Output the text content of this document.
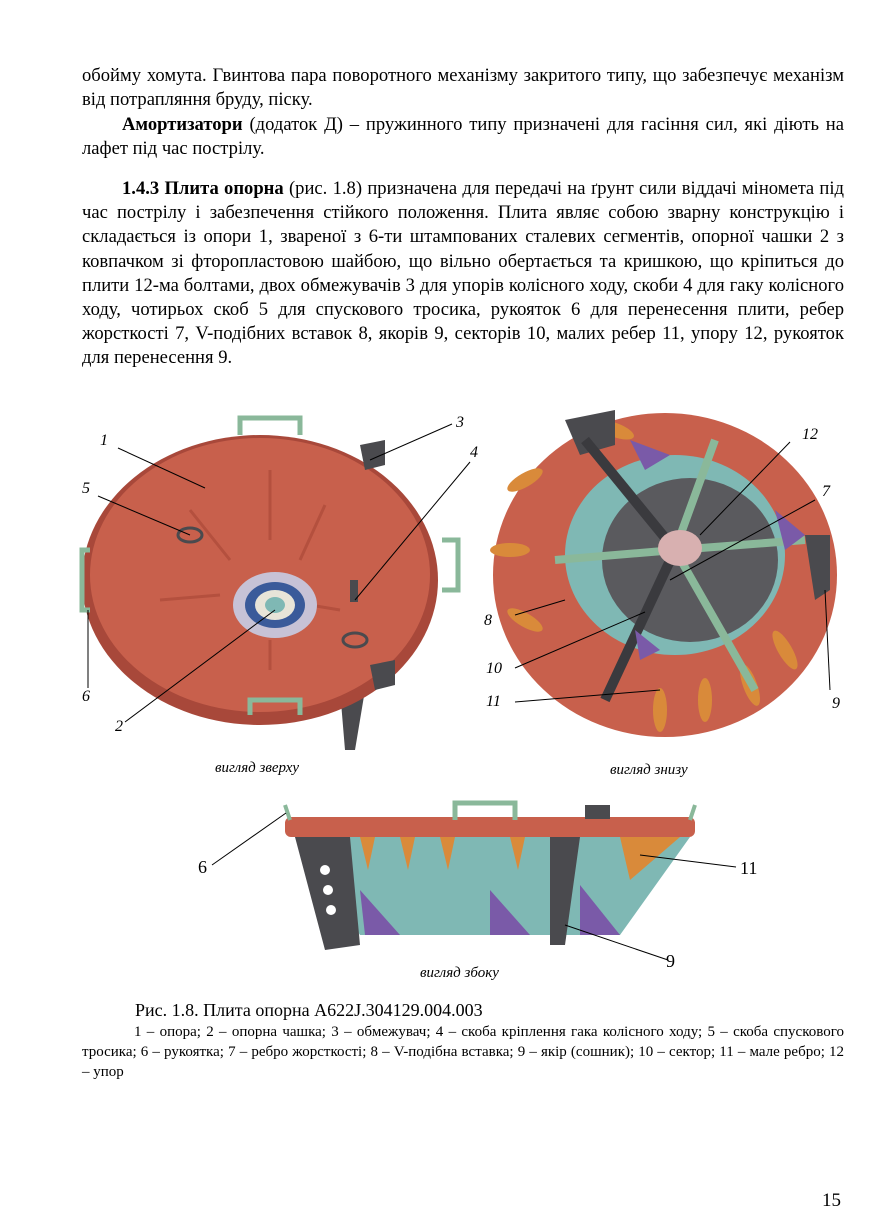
обойму хомута. Гвинтова пара поворотного механізму закритого типу, що забезпечує механізм від потрапляння бруду, піску.

Амортизатори (додаток Д) – пружинного типу призначені для гасіння сил, які діють на лафет під час пострілу.

1.4.3 Плита опорна (рис. 1.8) призначена для передачі на ґрунт сили віддачі мінометa під час пострілу і забезпечення стійкого положення. Плита являє собою зварну конструкцію і складається із опори 1, звареної з 6-ти штампованих сталевих сегментів, опорної чашки 2 з ковпачком зі фторопластовою шайбою, що вільно обертається та кришкою, що кріпиться до плити 12-ма болтами, двох обмежувачів 3 для упорів колісного ходу, скоби 4 для гаку колісного ходу, чотирьох скоб 5 для спускового тросика, рукояток 6 для перенесення плити, ребер жорсткості 7, V-подібних вставок 8, якорів 9, секторів 10, малих ребер 11, упору 12, рукояток для перенесення 9.

1
5
6
2
3
4
вигляд зверху
12
7
8
10
11	9
вигляд знизу
6	11
9
вигляд збоку
Рис. 1.8. Плита опорна А622J.304129.004.003
1 – опора; 2 – опорна чашка; 3 – обмежувач; 4 – скоба кріплення гака колісного ходу; 5 – скоба спускового тросика; 6 – рукоятка; 7 – ребро жорсткості; 8 – V-подібна вставка; 9 – якір (сошник); 10 – сектор; 11 – мале ребро; 12 – упор
15
